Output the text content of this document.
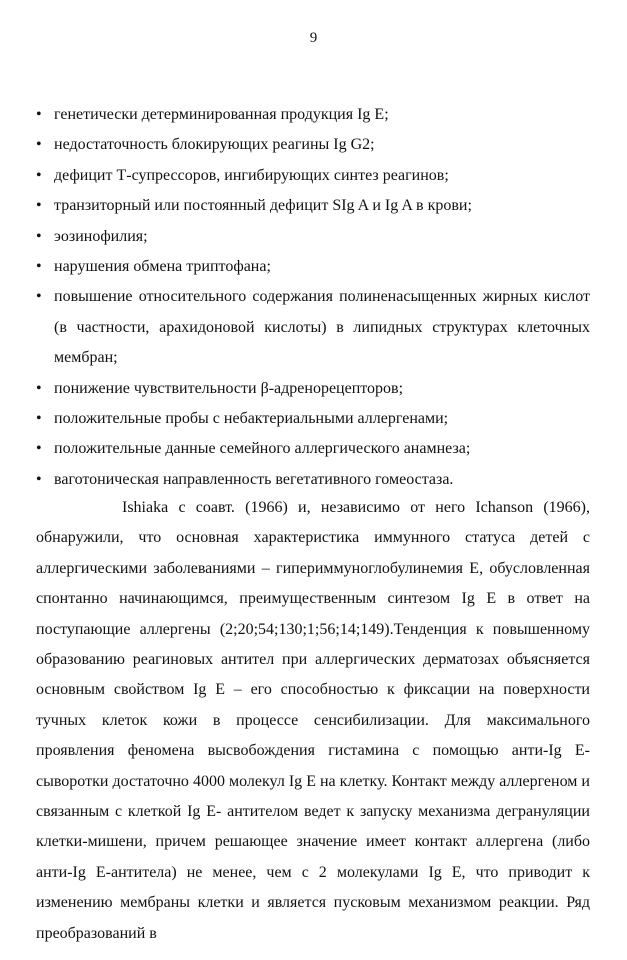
9
• генетически детерминированная продукция Ig E;
• недостаточность блокирующих реагины Ig G2;
• дефицит Т-супрессоров, ингибирующих синтез реагинов;
• транзиторный или постоянный дефицит SIg A и Ig A в крови;
• эозинофилия;
• нарушения обмена триптофана;
• повышение относительного содержания полиненасыщенных жирных кислот (в частности, арахидоновой кислоты) в липидных структурах клеточных мембран;
• понижение чувствительности β-адренорецепторов;
• положительные пробы с небактериальными аллергенами;
• положительные данные семейного аллергического анамнеза;
• ваготоническая направленность вегетативного гомеостаза.

Ishiaka с соавт. (1966) и, независимо от него Ichanson (1966), обнаружили, что основная характеристика иммунного статуса детей с аллергическими заболеваниями – гипериммуноглобулинемия Е, обусловленная спонтанно начинающимся, преимущественным синтезом Ig E в ответ на поступающие аллергены (2;20;54;130;1;56;14;149).Тенденция к повышенному образованию реагиновых антител при аллергических дерматозах объясняется основным свойством Ig E – его способностью к фиксации на поверхности тучных клеток кожи в процессе сенсибилизации. Для максимального проявления феномена высвобождения гистамина с помощью анти-Ig E-сыворотки достаточно 4000 молекул Ig E на клетку. Контакт между аллергеном и связанным с клеткой Ig E- антителом ведет к запуску механизма дегрануляции клетки-мишени, причем решающее значение имеет контакт аллергена (либо анти-Ig E-антитела) не менее, чем с 2 молекулами Ig E, что приводит к изменению мембраны клетки и является пусковым механизмом реакции. Ряд преобразований в
